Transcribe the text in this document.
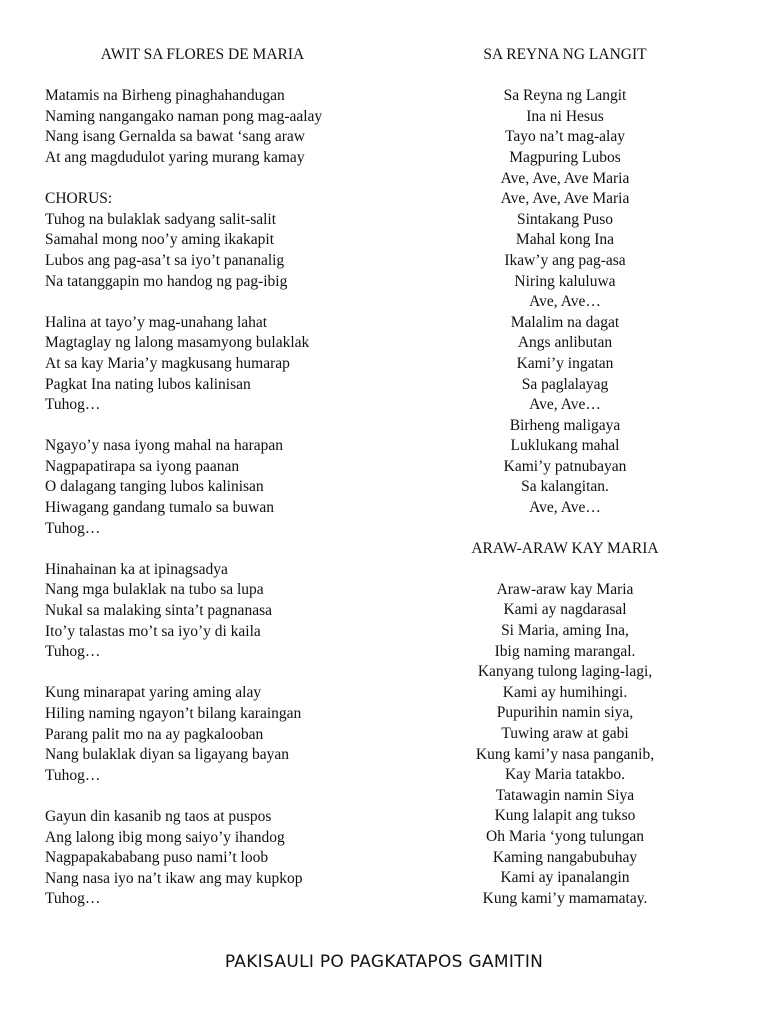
AWIT SA FLORES DE MARIA
Matamis na Birheng pinaghahandugan
Naming nangangako naman pong mag-aalay
Nang isang Gernalda sa bawat ‘sang araw
At ang magdudulot yaring murang kamay
CHORUS:
Tuhog na bulaklak sadyang salit-salit
Samahal mong noo’y aming ikakapit
Lubos ang pag-asa’t sa iyo’t pananalig
Na tatanggapin mo handog ng pag-ibig
Halina at tayo’y mag-unahang lahat
Magtaglay ng lalong masamyong bulaklak
At sa kay Maria’y magkusang humarap
Pagkat Ina nating lubos kalinisan
Tuhog…
Ngayo’y nasa iyong mahal na harapan
Nagpapatirapa sa iyong paanan
O dalagang tanging lubos kalinisan
Hiwagang gandang tumalo sa buwan
Tuhog…
Hinahainan ka at ipinagsadya
Nang mga bulaklak na tubo sa lupa
Nukal sa malaking sinta’t pagnanasa
Ito’y talastas mo’t sa iyo’y di kaila
Tuhog…
Kung minarapat yaring aming alay
Hiling naming ngayon’t bilang karaingan
Parang palit mo na ay pagkalooban
Nang bulaklak diyan sa ligayang bayan
Tuhog…
Gayun din kasanib ng taos at puspos
Ang lalong ibig mong saiyo’y ihandog
Nagpapakababang puso nami’t loob
Nang nasa iyo na’t ikaw ang may kupkop
Tuhog…
SA REYNA NG LANGIT
Sa Reyna ng Langit
Ina ni Hesus
Tayo na’t mag-alay
Magpuring Lubos
Ave, Ave, Ave Maria
Ave, Ave, Ave Maria
Sintakang Puso
Mahal kong Ina
Ikaw’y ang pag-asa
Niring kaluluwa
Ave, Ave…
Malalim na dagat
Angs anlibutan
Kami’y ingatan
Sa paglalayag
Ave, Ave…
Birheng maligaya
Luklukang mahal
Kami’y patnubayan
Sa kalangitan.
Ave, Ave…
ARAW-ARAW KAY MARIA
Araw-araw kay Maria
Kami ay nagdarasal
Si Maria, aming Ina,
Ibig naming marangal.
Kanyang tulong laging-lagi,
Kami ay humihingi.
Pupurihin namin siya,
Tuwing araw at gabi
Kung kami’y nasa panganib,
Kay Maria tatakbo.
Tatawagin namin Siya
Kung lalapit ang tukso
Oh Maria ‘yong tulungan
Kaming nangabubuhay
Kami ay ipanalangin
Kung kami’y mamamatay.
PAKISAULI PO PAGKATAPOS GAMITIN
